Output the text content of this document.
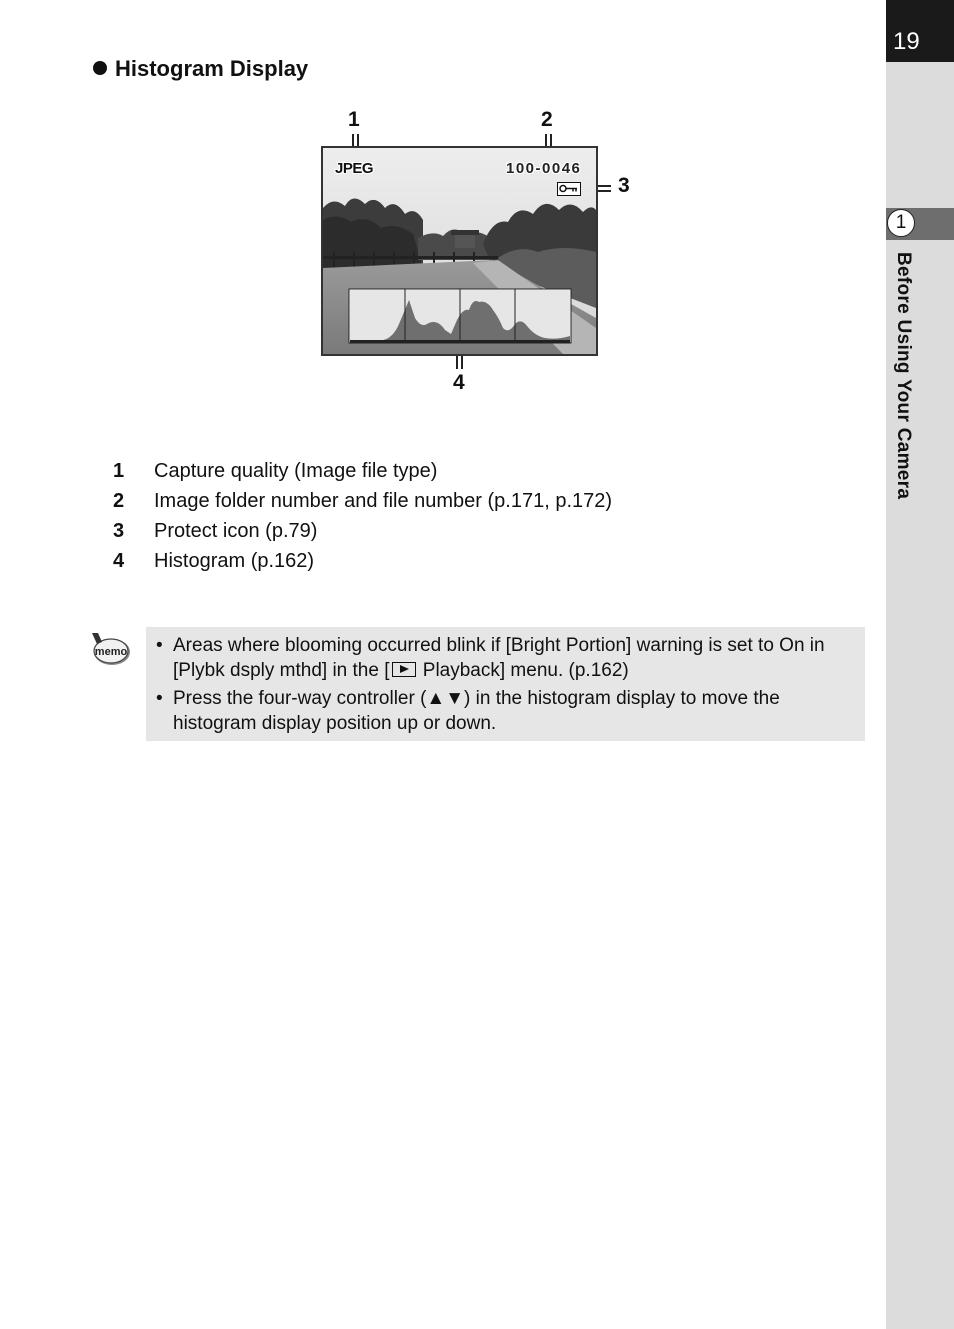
19
1
Before Using Your Camera
Histogram Display
1	2
3
4
JPEG	100-0046
1 Capture quality (Image file type)
2 Image folder number and file number (p.171, p.172)
3 Protect icon (p.79)
4 Histogram (p.162)
memo • Areas where blooming occurred blink if [Bright Portion] warning is set to On in [Plybk dsply mthd] in the [ Playback] menu. (p.162)
• Press the four-way controller (▲▼) in the histogram display to move the histogram display position up or down.
